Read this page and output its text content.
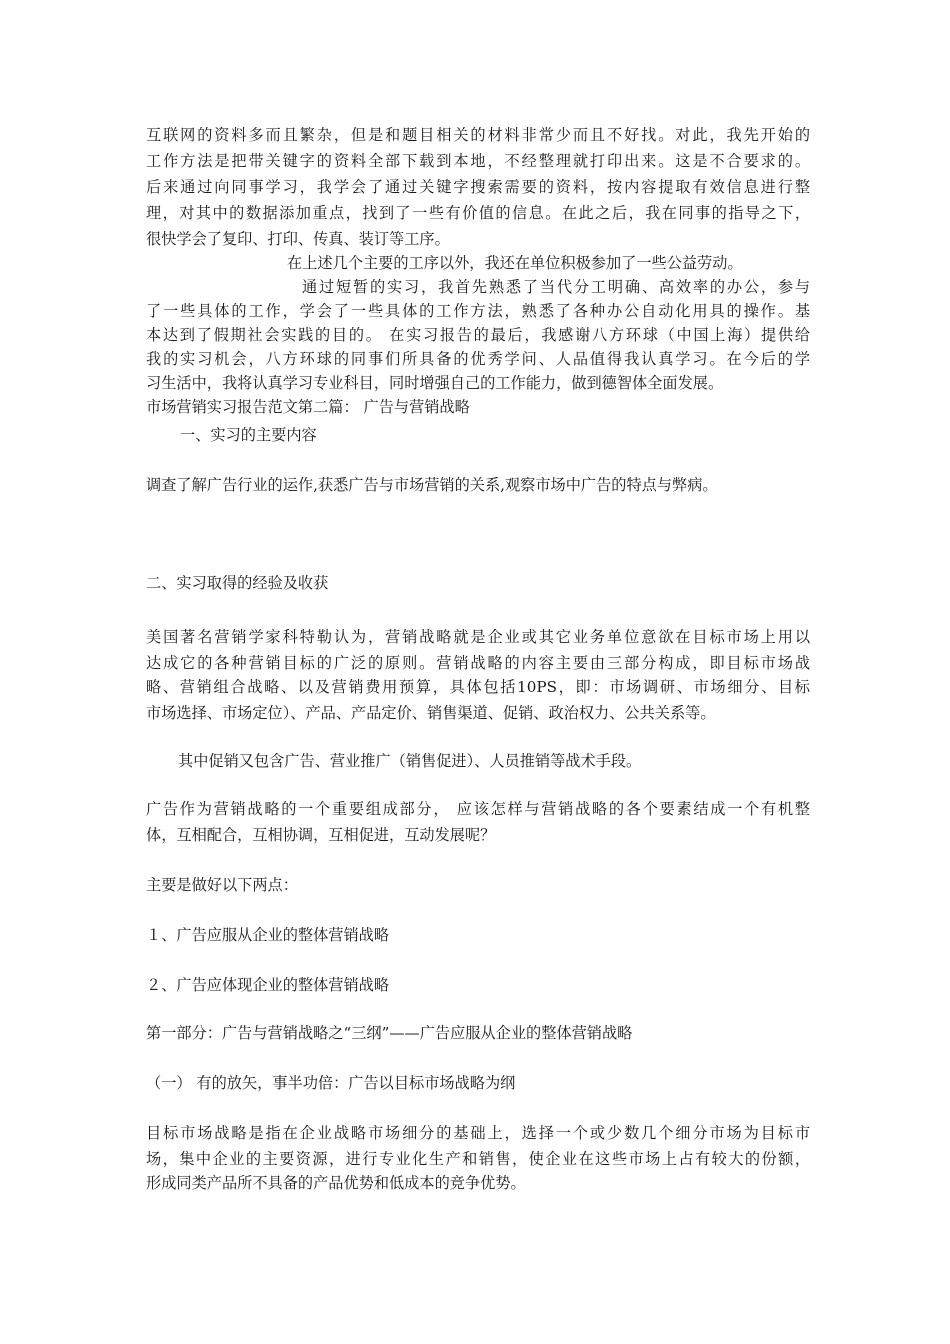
互联网的资料多而且繁杂，但是和题目相关的材料非常少而且不好找。对此，我先开始的
工作方法是把带关键字的资料全部下载到本地，不经整理就打印出来。这是不合要求的。
后来通过向同事学习，我学会了通过关键字搜索需要的资料，按内容提取有效信息进行整
理，对其中的数据添加重点，找到了一些有价值的信息。在此之后，我在同事的指导之下，
很快学会了复印、打印、传真、装订等工序。
在上述几个主要的工序以外，我还在单位积极参加了一些公益劳动。
通过短暂的实习，我首先熟悉了当代分工明确、高效率的办公，参与
了一些具体的工作，学会了一些具体的工作方法，熟悉了各种办公自动化用具的操作。基
本达到了假期社会实践的目的。 在实习报告的最后，我感谢八方环球（中国上海）提供给
我的实习机会，八方环球的同事们所具备的优秀学问、人品值得我认真学习。在今后的学
习生活中，我将认真学习专业科目，同时增强自己的工作能力，做到德智体全面发展。
市场营销实习报告范文第二篇： 广告与营销战略
一、实习的主要内容
调查了解广告行业的运作,获悉广告与市场营销的关系,观察市场中广告的特点与弊病。
二、实习取得的经验及收获
美国著名营销学家科特勒认为，营销战略就是企业或其它业务单位意欲在目标市场上用以
达成它的各种营销目标的广泛的原则。营销战略的内容主要由三部分构成，即目标市场战
略、营销组合战略、以及营销费用预算，具体包括10PS，即：市场调研、市场细分、目标
市场选择、市场定位）、产品、产品定价、销售渠道、促销、政治权力、公共关系等。
其中促销又包含广告、营业推广（销售促进）、人员推销等战术手段。
广告作为营销战略的一个重要组成部分， 应该怎样与营销战略的各个要素结成一个有机整
体，互相配合，互相协调，互相促进，互动发展呢？
主要是做好以下两点：
１、广告应服从企业的整体营销战略
２、广告应体现企业的整体营销战略
第一部分：广告与营销战略之“三纲”——广告应服从企业的整体营销战略
（一） 有的放矢，事半功倍：广告以目标市场战略为纲
目标市场战略是指在企业战略市场细分的基础上，选择一个或少数几个细分市场为目标市
场，集中企业的主要资源，进行专业化生产和销售，使企业在这些市场上占有较大的份额，
形成同类产品所不具备的产品优势和低成本的竞争优势。
